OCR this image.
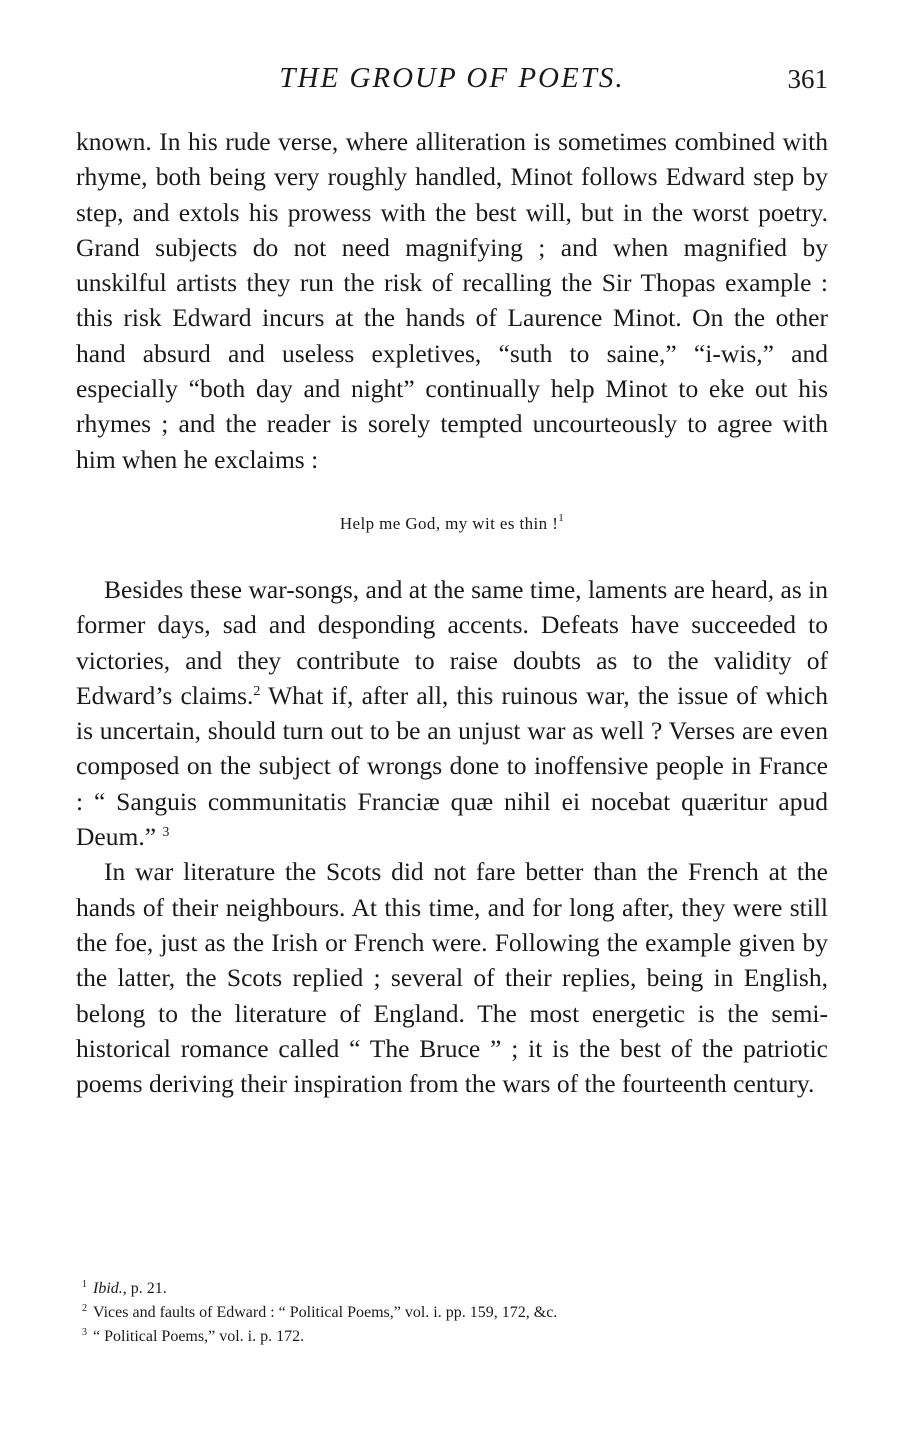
THE GROUP OF POETS.	361

known. In his rude verse, where alliteration is sometimes combined with rhyme, both being very roughly handled, Minot follows Edward step by step, and extols his prowess with the best will, but in the worst poetry. Grand subjects do not need magnifying ; and when magnified by unskilful artists they run the risk of recalling the Sir Thopas example : this risk Edward incurs at the hands of Laurence Minot. On the other hand absurd and useless expletives, “suth to saine,” “i-wis,” and especially “both day and night” continually help Minot to eke out his rhymes ; and the reader is sorely tempted uncourteously to agree with him when he exclaims :

Help me God, my wit es thin !$^1$

Besides these war-songs, and at the same time, laments are heard, as in former days, sad and desponding accents. Defeats have succeeded to victories, and they contribute to raise doubts as to the validity of Edward’s claims.$^2$ What if, after all, this ruinous war, the issue of which is uncertain, should turn out to be an unjust war as well ? Verses are even composed on the subject of wrongs done to inoffensive people in France : “ Sanguis communitatis Franciæ quæ nihil ei nocebat quæritur apud Deum.” $^3$

In war literature the Scots did not fare better than the French at the hands of their neighbours. At this time, and for long after, they were still the foe, just as the Irish or French were. Following the example given by the latter, the Scots replied ; several of their replies, being in English, belong to the literature of England. The most energetic is the semi-historical romance called “ The Bruce ” ; it is the best of the patriotic poems deriving their inspiration from the wars of the fourteenth century.

$^1$ Ibid., p. 21.

$^2$ Vices and faults of Edward : “ Political Poems,” vol. i. pp. 159, 172, &c.

$^3$ “ Political Poems,” vol. i. p. 172.
